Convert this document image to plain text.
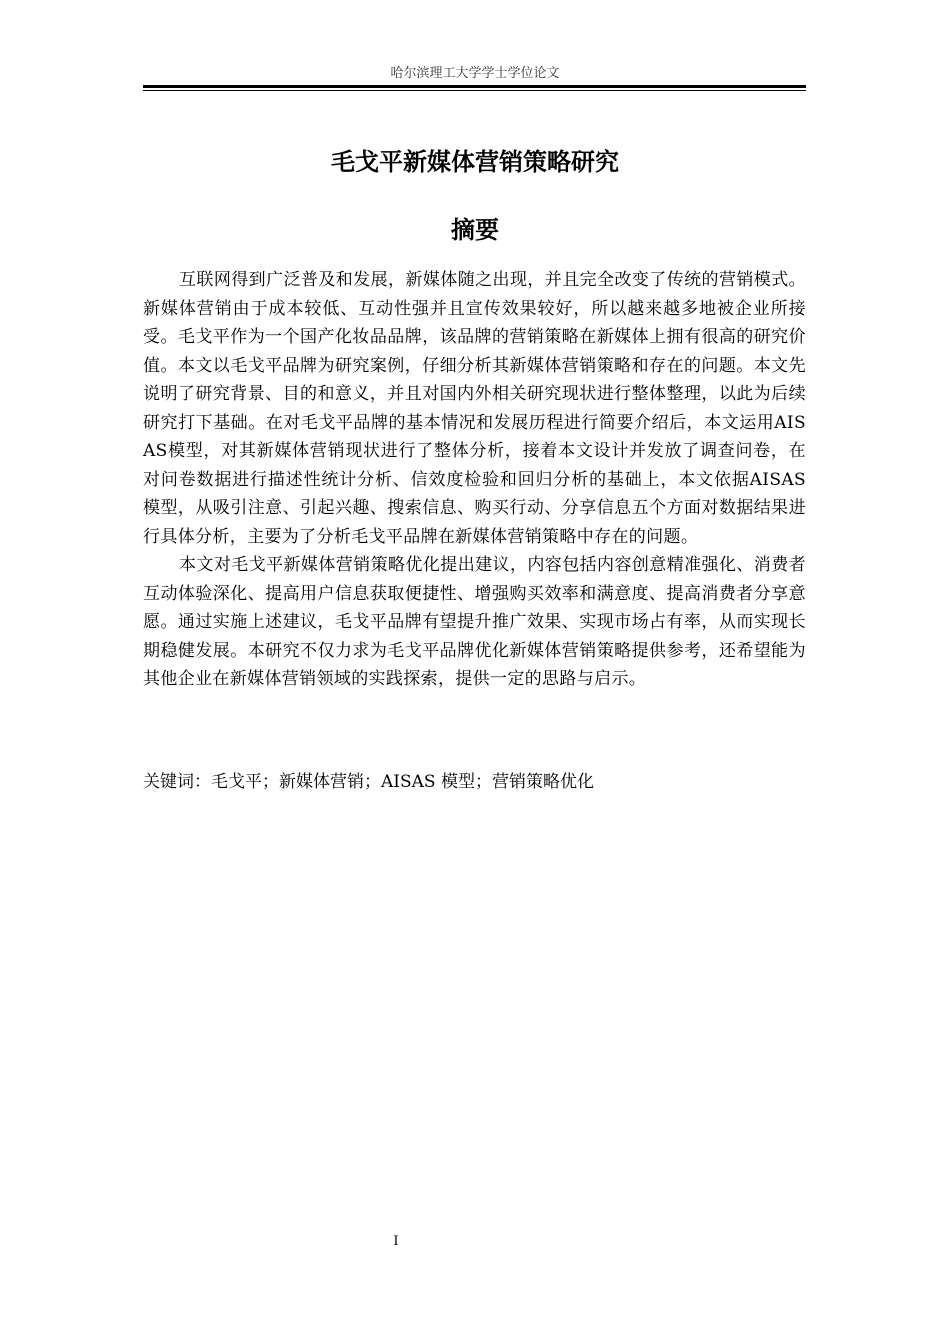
哈尔滨理工大学学士学位论文
毛戈平新媒体营销策略研究
摘要

互联网得到广泛普及和发展，新媒体随之出现，并且完全改变了传统的营销模式。新媒体营销由于成本较低、互动性强并且宣传效果较好，所以越来越多地被企业所接受。毛戈平作为一个国产化妆品品牌，该品牌的营销策略在新媒体上拥有很高的研究价值。本文以毛戈平品牌为研究案例，仔细分析其新媒体营销策略和存在的问题。本文先说明了研究背景、目的和意义，并且对国内外相关研究现状进行整体整理，以此为后续研究打下基础。在对毛戈平品牌的基本情况和发展历程进行简要介绍后，本文运用AISAS模型，对其新媒体营销现状进行了整体分析，接着本文设计并发放了调查问卷，在对问卷数据进行描述性统计分析、信效度检验和回归分析的基础上，本文依据AISAS模型，从吸引注意、引起兴趣、搜索信息、购买行动、分享信息五个方面对数据结果进行具体分析，主要为了分析毛戈平品牌在新媒体营销策略中存在的问题。

本文对毛戈平新媒体营销策略优化提出建议，内容包括内容创意精准强化、消费者互动体验深化、提高用户信息获取便捷性、增强购买效率和满意度、提高消费者分享意愿。通过实施上述建议，毛戈平品牌有望提升推广效果、实现市场占有率，从而实现长期稳健发展。本研究不仅力求为毛戈平品牌优化新媒体营销策略提供参考，还希望能为其他企业在新媒体营销领域的实践探索，提供一定的思路与启示。

关键词：毛戈平；新媒体营销；AISAS 模型；营销策略优化
I
